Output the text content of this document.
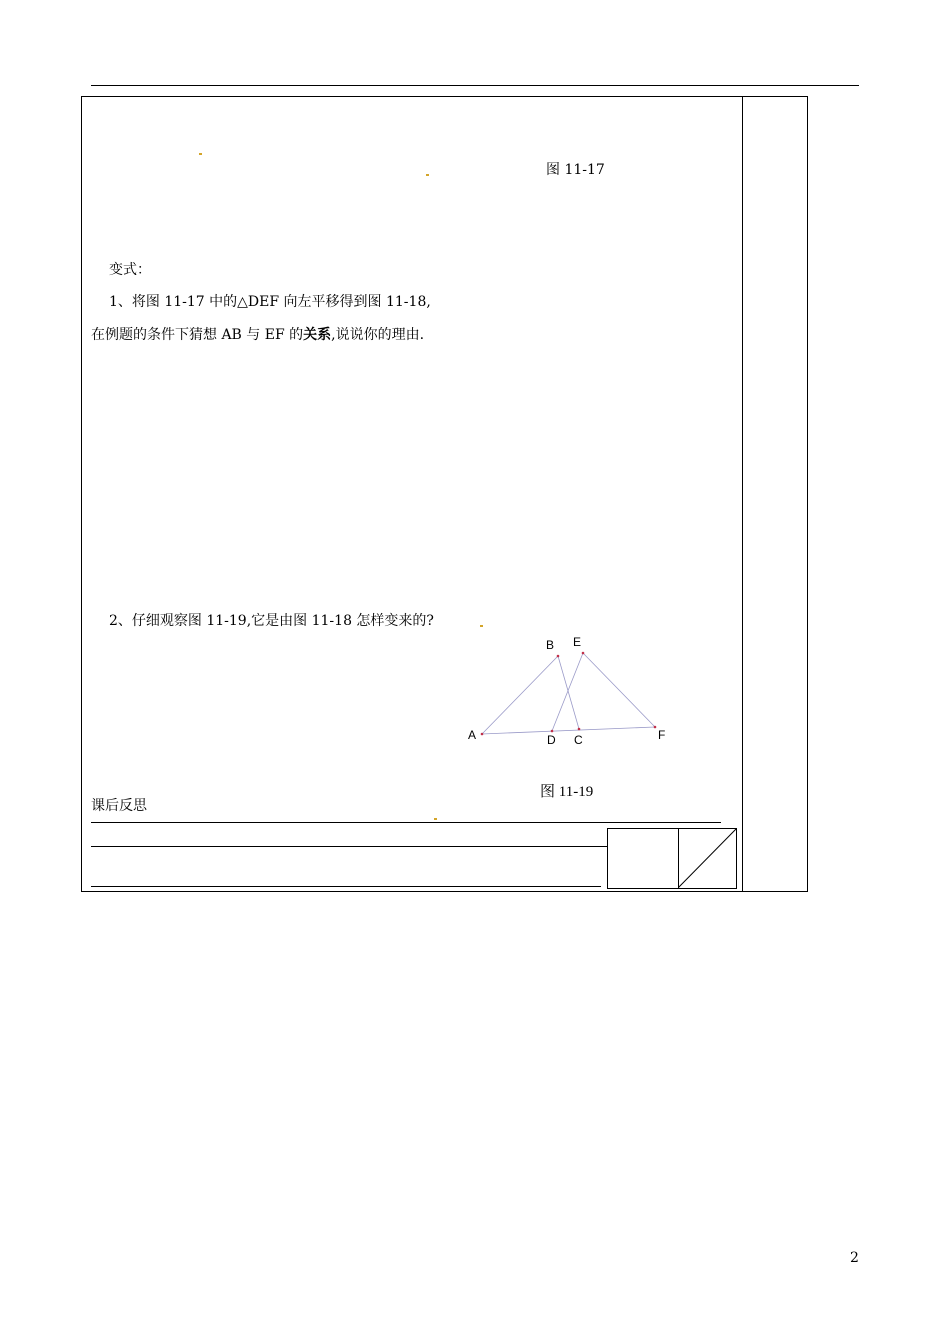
图 11-17
变式：
1、将图 11-17 中的△DEF 向左平移得到图 11-18,
在例题的条件下猜想 AB 与 EF 的关系,说说你的理由.
2、仔细观察图 11-19,它是由图 11-18 怎样变来的?
A
B
C
D
E
F
图 11-19
课后反思
2
